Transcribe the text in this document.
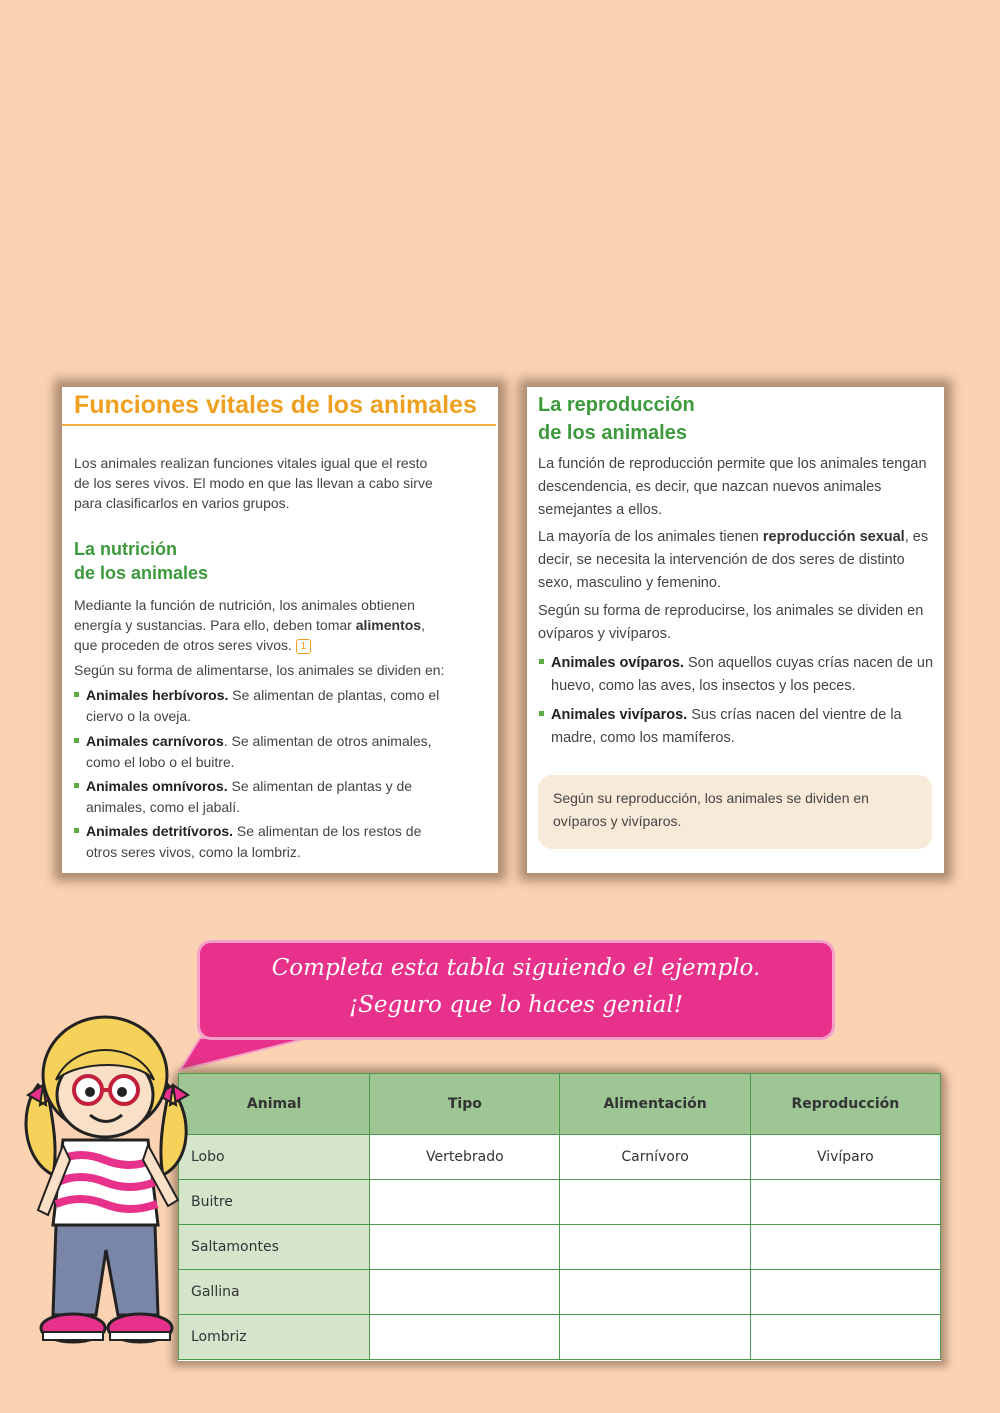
Funciones vitales de los animales
Los animales realizan funciones vitales igual que el resto de los seres vivos. El modo en que las llevan a cabo sirve para clasificarlos en varios grupos.
La nutrición
de los animales
Mediante la función de nutrición, los animales obtienen energía y sustancias. Para ello, deben tomar alimentos, que proceden de otros seres vivos. 1
Según su forma de alimentarse, los animales se dividen en:
Animales herbívoros. Se alimentan de plantas, como el ciervo o la oveja.
Animales carnívoros. Se alimentan de otros animales, como el lobo o el buitre.
Animales omnívoros. Se alimentan de plantas y de animales, como el jabalí.
Animales detritívoros. Se alimentan de los restos de otros seres vivos, como la lombriz.
La reproducción
de los animales
La función de reproducción permite que los animales tengan descendencia, es decir, que nazcan nuevos animales semejantes a ellos.
La mayoría de los animales tienen reproducción sexual, es decir, se necesita la intervención de dos seres de distinto sexo, masculino y femenino.
Según su forma de reproducirse, los animales se dividen en ovíparos y vivíparos.
Animales ovíparos. Son aquellos cuyas crías nacen de un huevo, como las aves, los insectos y los peces.
Animales vivíparos. Sus crías nacen del vientre de la madre, como los mamíferos.
Según su reproducción, los animales se dividen en ovíparos y vivíparos.
Completa esta tabla siguiendo el ejemplo.
¡Seguro que lo haces genial!
Animal	Tipo	Alimentación	Reproducción
Lobo	Vertebrado	Carnívoro	Vivíparo
Buitre			
Saltamontes			
Gallina			
Lombriz			
